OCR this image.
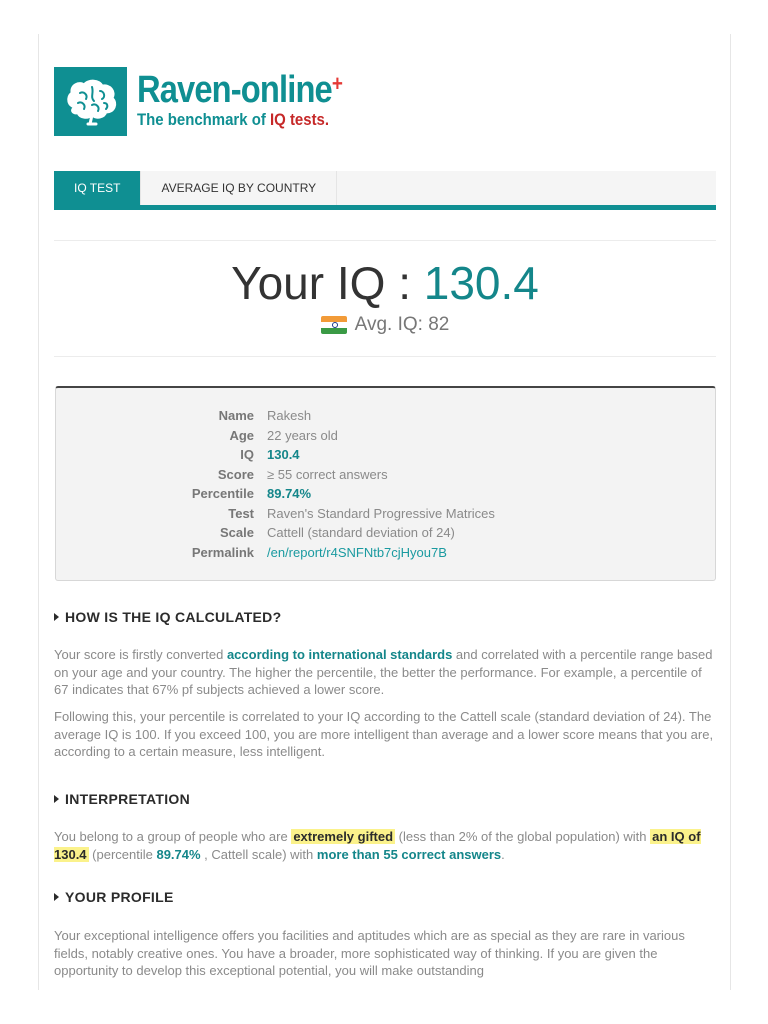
Raven-online+
The benchmark of IQ tests.
IQ TEST	AVERAGE IQ BY COUNTRY
Your IQ : 130.4
Avg. IQ: 82
Name Rakesh
Age 22 years old
IQ 130.4
Score ≥ 55 correct answers
Percentile 89.74%
Test Raven's Standard Progressive Matrices
Scale Cattell (standard deviation of 24)
Permalink /en/report/r4SNFNtb7cjHyou7B
HOW IS THE IQ CALCULATED?
Your score is firstly converted according to international standards and correlated with a percentile range based on your age and your country. The higher the percentile, the better the performance. For example, a percentile of 67 indicates that 67% pf subjects achieved a lower score.
Following this, your percentile is correlated to your IQ according to the Cattell scale (standard deviation of 24). The average IQ is 100. If you exceed 100, you are more intelligent than average and a lower score means that you are, according to a certain measure, less intelligent.
INTERPRETATION
You belong to a group of people who are extremely gifted (less than 2% of the global population) with an IQ of 130.4 (percentile 89.74% , Cattell scale) with more than 55 correct answers.
YOUR PROFILE
Your exceptional intelligence offers you facilities and aptitudes which are as special as they are rare in various fields, notably creative ones. You have a broader, more sophisticated way of thinking. If you are given the opportunity to develop this exceptional potential, you will make outstanding
